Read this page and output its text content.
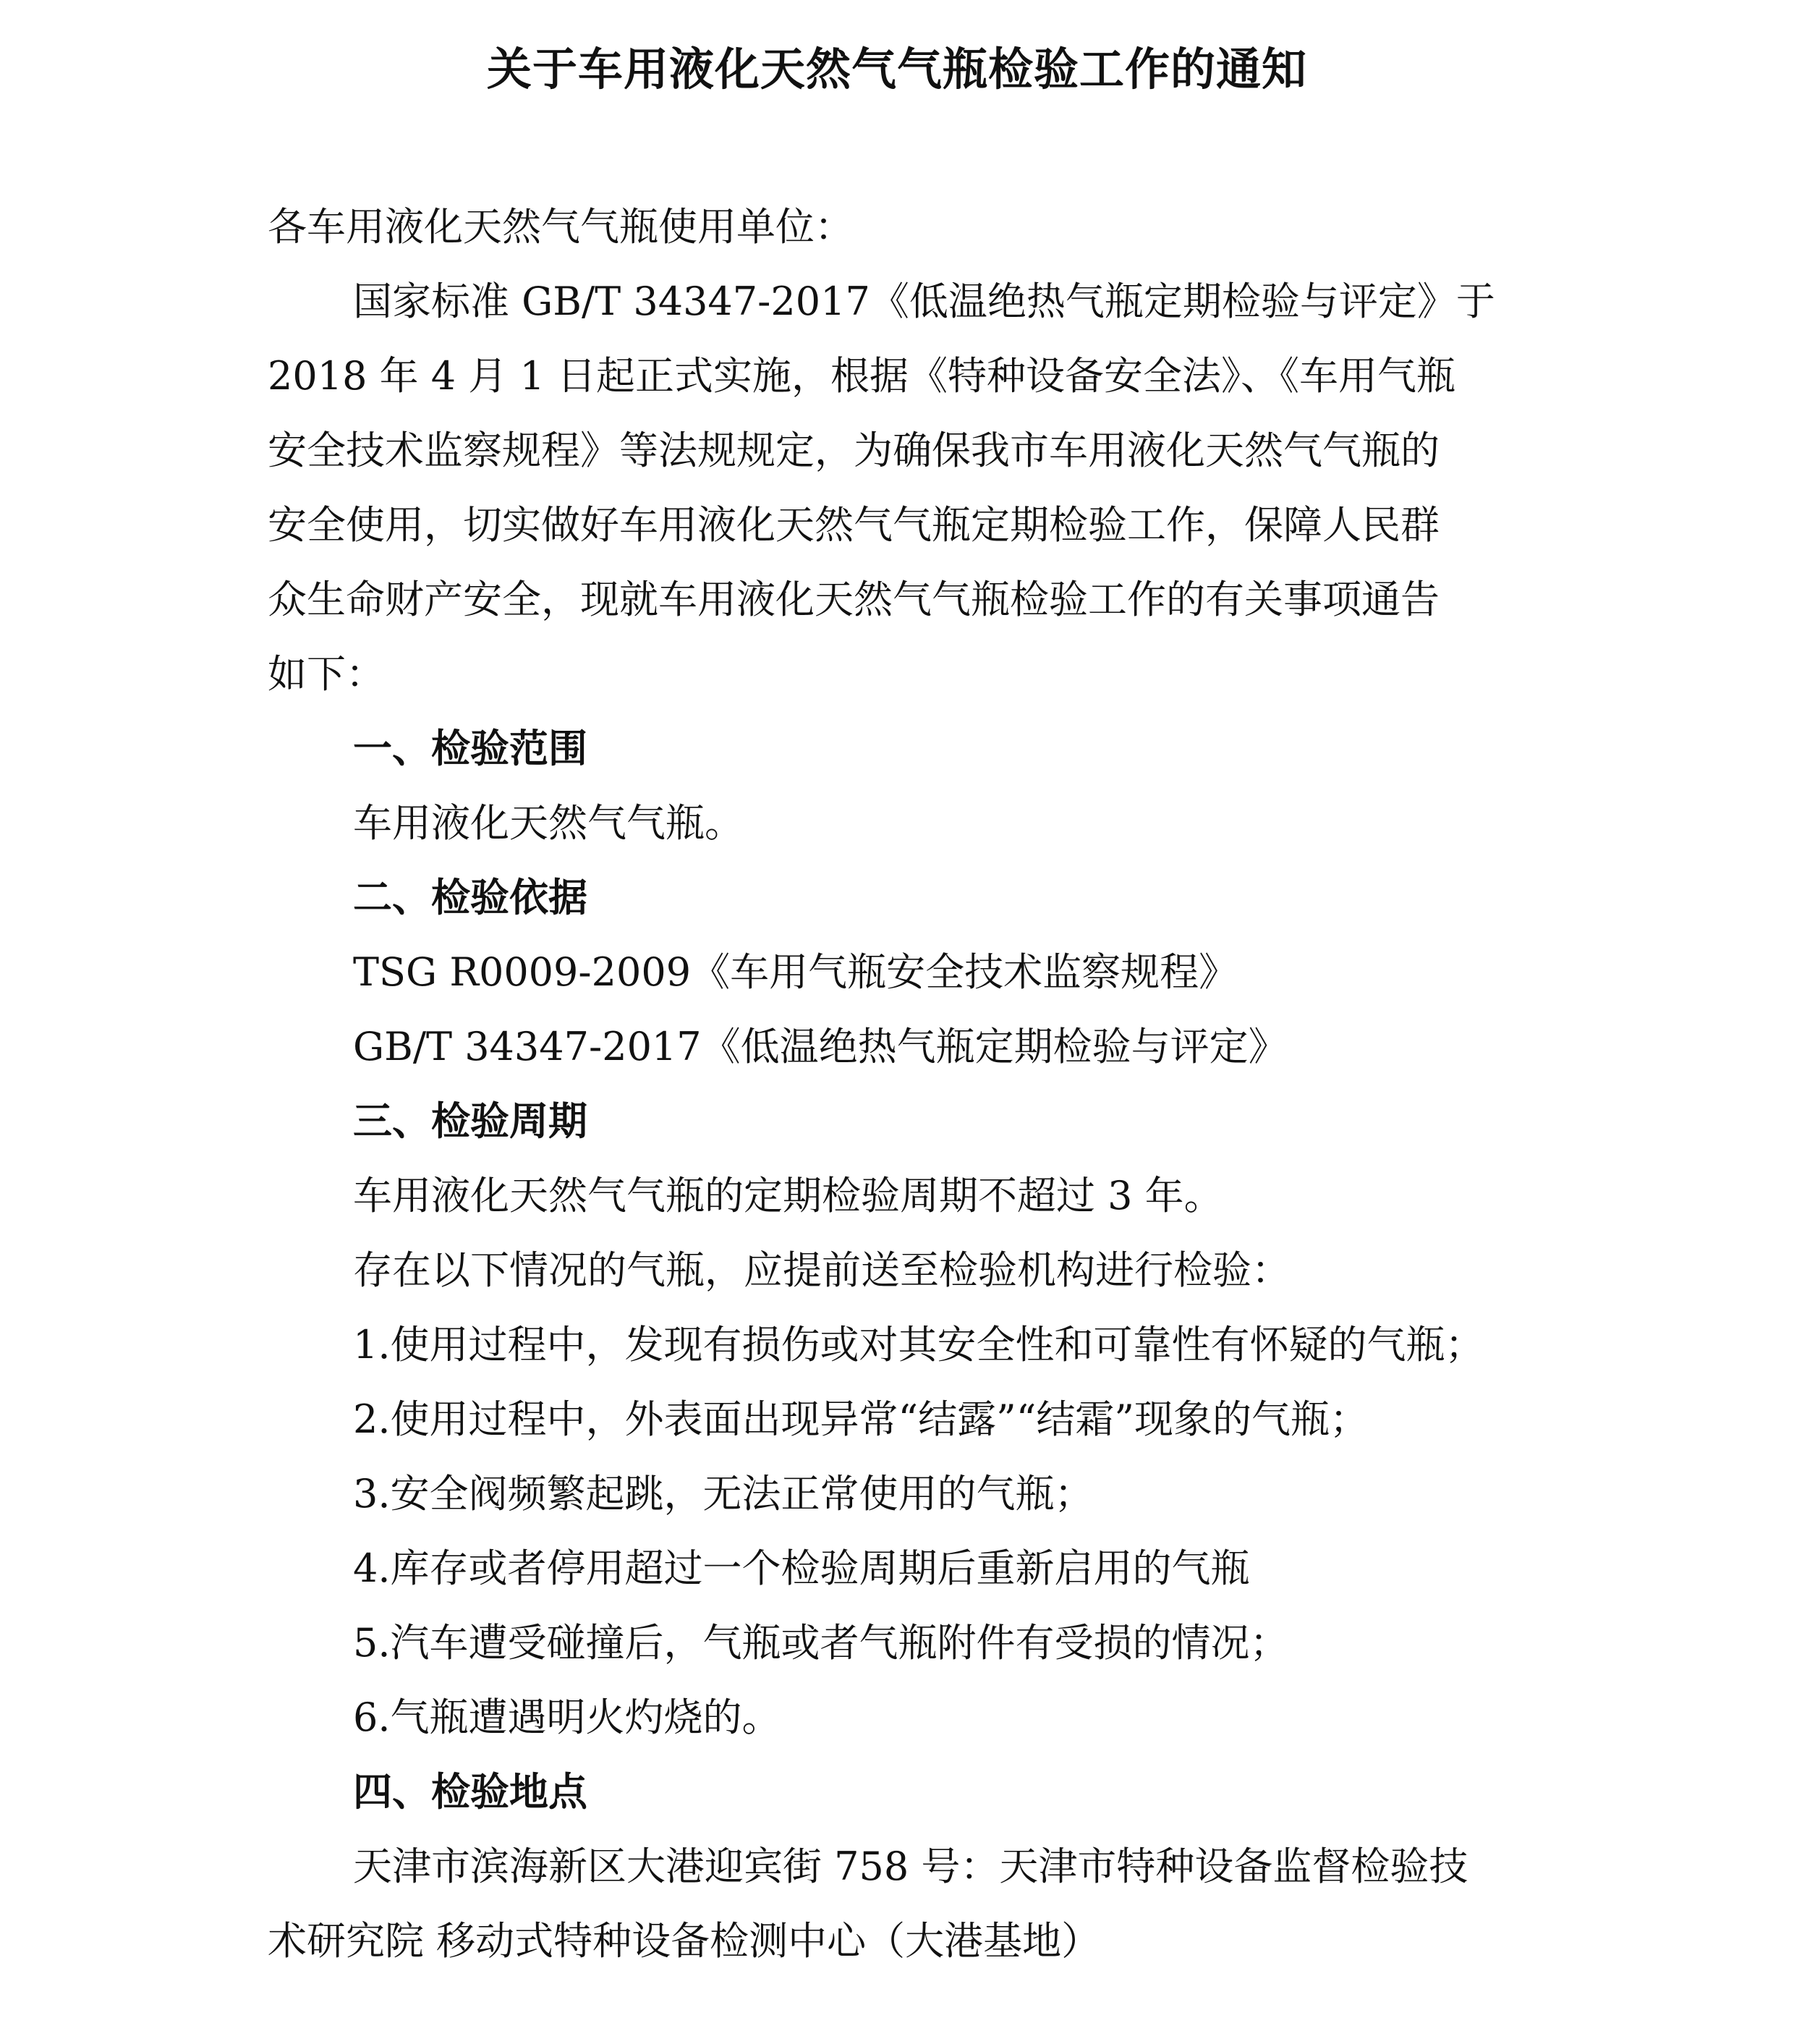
关于车用液化天然气气瓶检验工作的通知
各车用液化天然气气瓶使用单位：
国家标准 GB/T 34347-2017《低温绝热气瓶定期检验与评定》于
2018 年 4 月 1 日起正式实施，根据《特种设备安全法》、《车用气瓶
安全技术监察规程》等法规规定，为确保我市车用液化天然气气瓶的
安全使用，切实做好车用液化天然气气瓶定期检验工作，保障人民群
众生命财产安全，现就车用液化天然气气瓶检验工作的有关事项通告
如下：
一、检验范围
车用液化天然气气瓶。
二、检验依据
TSG R0009-2009《车用气瓶安全技术监察规程》
GB/T 34347-2017《低温绝热气瓶定期检验与评定》
三、检验周期
车用液化天然气气瓶的定期检验周期不超过 3 年。
存在以下情况的气瓶，应提前送至检验机构进行检验：
1.使用过程中，发现有损伤或对其安全性和可靠性有怀疑的气瓶；
2.使用过程中，外表面出现异常“结露”“结霜”现象的气瓶；
3.安全阀频繁起跳，无法正常使用的气瓶；
4.库存或者停用超过一个检验周期后重新启用的气瓶
5.汽车遭受碰撞后，气瓶或者气瓶附件有受损的情况；
6.气瓶遭遇明火灼烧的。
四、检验地点
天津市滨海新区大港迎宾街 758 号：天津市特种设备监督检验技
术研究院 移动式特种设备检测中心（大港基地）
